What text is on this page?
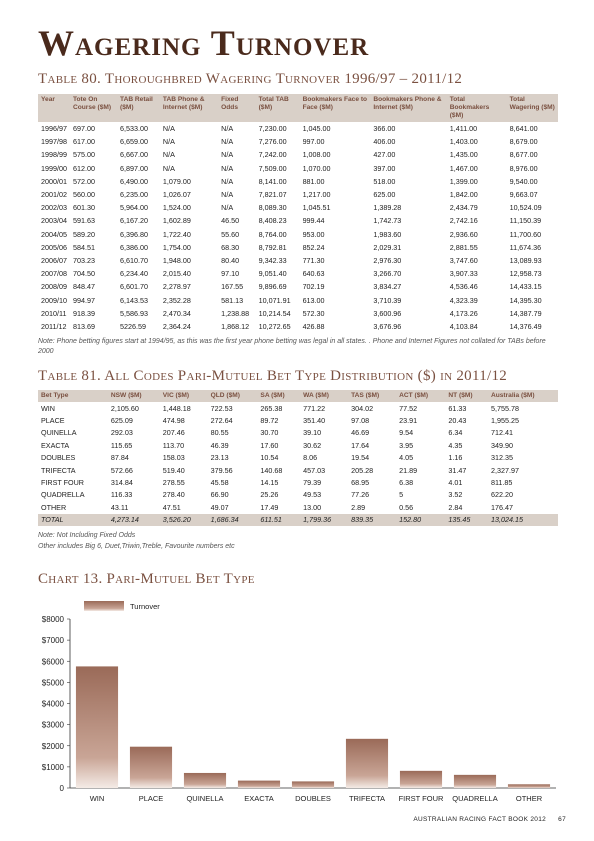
Wagering Turnover
Table 80. Thoroughbred Wagering Turnover 1996/97 – 2011/12
Year	Tote On Course ($M)	TAB Retail ($M)	TAB Phone & Internet ($M)	Fixed Odds	Total TAB ($M)	Bookmakers Face to Face ($M)	Bookmakers Phone & Internet ($M)	Total Bookmakers ($M)	Total Wagering ($M)
1996/97	697.00	6,533.00	N/A	N/A	7,230.00	1,045.00	366.00	1,411.00	8,641.00
1997/98	617.00	6,659.00	N/A	N/A	7,276.00	997.00	406.00	1,403.00	8,679.00
1998/99	575.00	6,667.00	N/A	N/A	7,242.00	1,008.00	427.00	1,435.00	8,677.00
1999/00	612.00	6,897.00	N/A	N/A	7,509.00	1,070.00	397.00	1,467.00	8,976.00
2000/01	572.00	6,490.00	1,079.00	N/A	8,141.00	881.00	518.00	1,399.00	9,540.00
2001/02	560.00	6,235.00	1,026.07	N/A	7,821.07	1,217.00	625.00	1,842.00	9,663.07
2002/03	601.30	5,964.00	1,524.00	N/A	8,089.30	1,045.51	1,389.28	2,434.79	10,524.09
2003/04	591.63	6,167.20	1,602.89	46.50	8,408.23	999.44	1,742.73	2,742.16	11,150.39
2004/05	589.20	6,396.80	1,722.40	55.60	8,764.00	953.00	1,983.60	2,936.60	11,700.60
2005/06	584.51	6,386.00	1,754.00	68.30	8,792.81	852.24	2,029.31	2,881.55	11,674.36
2006/07	703.23	6,610.70	1,948.00	80.40	9,342.33	771.30	2,976.30	3,747.60	13,089.93
2007/08	704.50	6,234.40	2,015.40	97.10	9,051.40	640.63	3,266.70	3,907.33	12,958.73
2008/09	848.47	6,601.70	2,278.97	167.55	9,896.69	702.19	3,834.27	4,536.46	14,433.15
2009/10	994.97	6,143.53	2,352.28	581.13	10,071.91	613.00	3,710.39	4,323.39	14,395.30
2010/11	918.39	5,586.93	2,470.34	1,238.88	10,214.54	572.30	3,600.96	4,173.26	14,387.79
2011/12	813.69	5226.59	2,364.24	1,868.12	10,272.65	426.88	3,676.96	4,103.84	14,376.49
Note: Phone betting figures start at 1994/95, as this was the first year phone betting was legal in all states. . Phone and Internet Figures not collated for TABs before 2000
Table 81. All Codes Pari-Mutuel Bet Type Distribution ($) in 2011/12
Bet Type	NSW ($M)	VIC ($M)	QLD ($M)	SA ($M)	WA ($M)	TAS ($M)	ACT ($M)	NT ($M)	Australia ($M)
WIN	2,105.60	1,448.18	722.53	265.38	771.22	304.02	77.52	61.33	5,755.78
PLACE	625.09	474.98	272.64	89.72	351.40	97.08	23.91	20.43	1,955.25
QUINELLA	292.03	207.46	80.55	30.70	39.10	46.69	9.54	6.34	712.41
EXACTA	115.65	113.70	46.39	17.60	30.62	17.64	3.95	4.35	349.90
DOUBLES	87.84	158.03	23.13	10.54	8.06	19.54	4.05	1.16	312.35
TRIFECTA	572.66	519.40	379.56	140.68	457.03	205.28	21.89	31.47	2,327.97
FIRST FOUR	314.84	278.55	45.58	14.15	79.39	68.95	6.38	4.01	811.85
QUADRELLA	116.33	278.40	66.90	25.26	49.53	77.26	5	3.52	622.20
OTHER	43.11	47.51	49.07	17.49	13.00	2.89	0.56	2.84	176.47
TOTAL	4,273.14	3,526.20	1,686.34	611.51	1,799.36	839.35	152.80	135.45	13,024.15
Note: Not Including Fixed Odds
Other includes Big 6, Duet,Triwin,Treble, Favourite numbers etc
Chart 13. Pari-Mutuel Bet Type
0
$1000
$2000
$3000
$4000
$5000
$6000
$7000
$8000
WIN	PLACE	QUINELLA	EXACTA	DOUBLES TRIFECTA FIRST FOUR QUADRELLA OTHER
Turnover
AUSTRALIAN RACING FACT BOOK 2012 67
